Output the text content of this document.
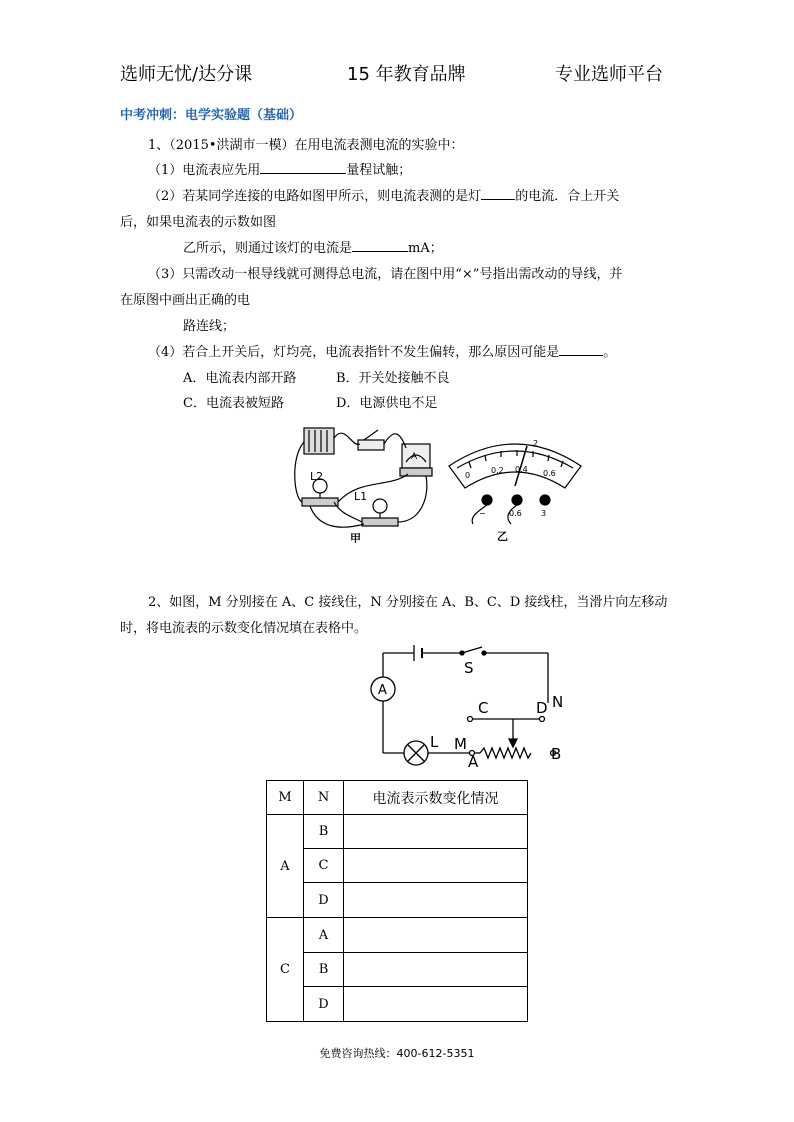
选师无忧/达分课	15 年教育品牌	专业选师平台
中考冲刺：电学实验题（基础）
1、（2015•洪湖市一模）在用电流表测电流的实验中：
（1）电流表应先用	量程试触；
（2）若某同学连接的电路如图甲所示，则电流表测的是灯	的电流．合上开关
后，如果电流表的示数如图
乙所示，则通过该灯的电流是	mA；
（3）只需改动一根导线就可测得总电流，请在图中用“×”号指出需改动的导线，并
在原图中画出正确的电
路连线；
（4）若合上开关后，灯均亮，电流表指针不发生偏转，那么原因可能是	。
A．电流表内部开路	B．开关处接触不良
C．电流表被短路	D．电源供电不足
L2
L1
A
甲
0
0.2 0.4 0.6
2
−	0.6 3
乙
2、如图，M 分别接在 A、C 接线住，N 分别接在 A、B、C、D 接线柱，当滑片向左移动
时，将电流表的示数变化情况填在表格中。
S
A
L
C	D N
M
A	B
M	N	电流表示数变化情况
A	B	
	C	
	D	
C	A	
	B	
	D	
免费咨询热线：400-612-5351
